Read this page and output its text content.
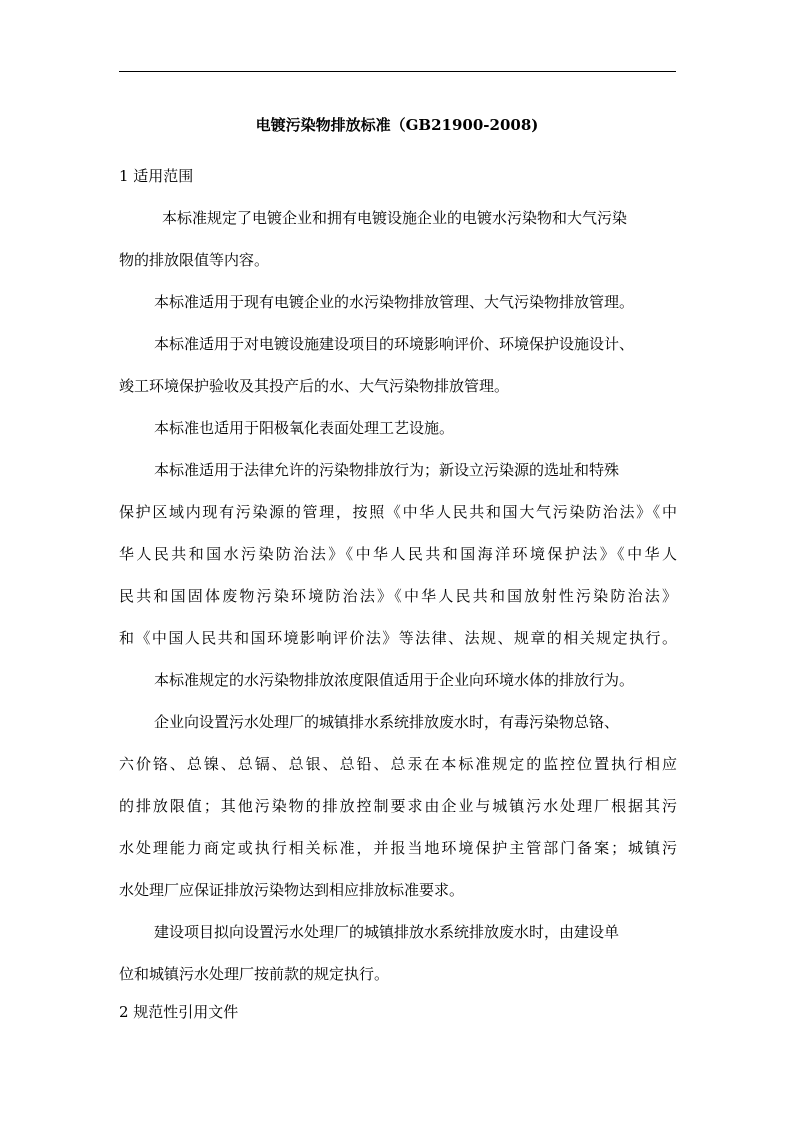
电镀污染物排放标准（GB21900-2008)
1 适用范围
本标准规定了电镀企业和拥有电镀设施企业的电镀水污染物和大气污染
物的排放限值等内容。
本标准适用于现有电镀企业的水污染物排放管理、大气污染物排放管理。
本标准适用于对电镀设施建设项目的环境影响评价、环境保护设施设计、
竣工环境保护验收及其投产后的水、大气污染物排放管理。
本标准也适用于阳极氧化表面处理工艺设施。
本标准适用于法律允许的污染物排放行为；新设立污染源的选址和特殊
保护区域内现有污染源的管理，按照《中华人民共和国大气污染防治法》《中
华人民共和国水污染防治法》《中华人民共和国海洋环境保护法》《中华人
民共和国固体废物污染环境防治法》《中华人民共和国放射性污染防治法》
和《中国人民共和国环境影响评价法》等法律、法规、规章的相关规定执行。
本标准规定的水污染物排放浓度限值适用于企业向环境水体的排放行为。
企业向设置污水处理厂的城镇排水系统排放废水时，有毒污染物总铬、
六价铬、总镍、总镉、总银、总铅、总汞在本标准规定的监控位置执行相应
的排放限值；其他污染物的排放控制要求由企业与城镇污水处理厂根据其污
水处理能力商定或执行相关标准，并报当地环境保护主管部门备案；城镇污
水处理厂应保证排放污染物达到相应排放标准要求。
建设项目拟向设置污水处理厂的城镇排放水系统排放废水时，由建设单
位和城镇污水处理厂按前款的规定执行。
2 规范性引用文件
